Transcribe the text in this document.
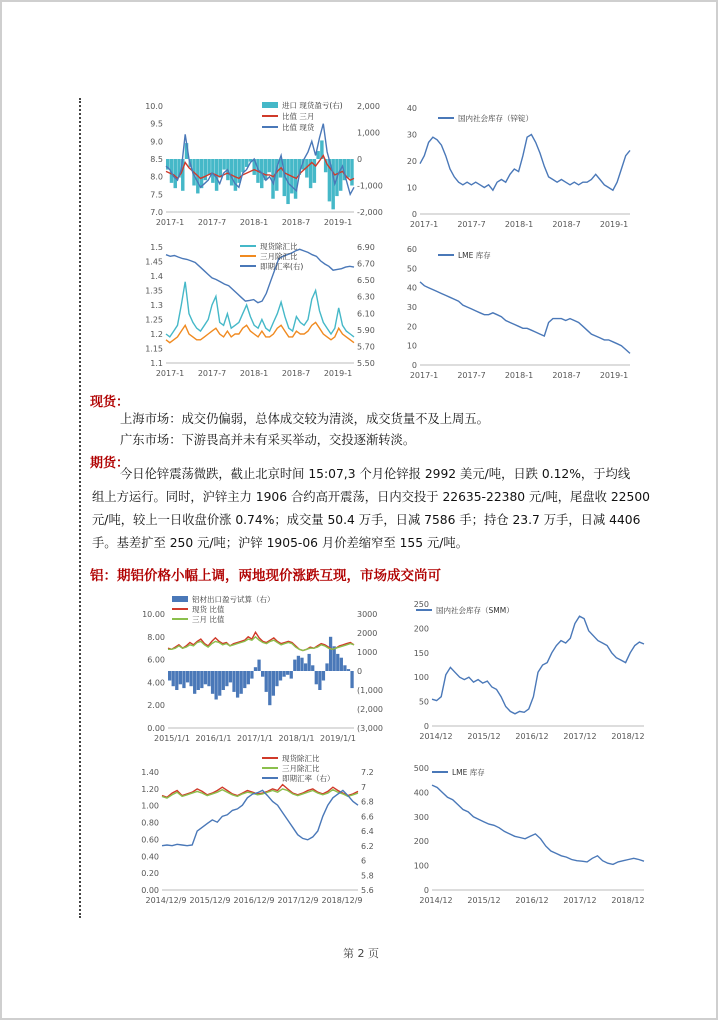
10.0
9.5
9.0
8.5
8.0
7.5
7.0
2,000
1,000
0
-1,000
-2,000
2017-1 2017-7 2018-1 2018-7 2019-1
进口 现货盈亏(右)
比值 三月
比值 现货
40
30
20
10
0
2017-1 2017-7 2018-1 2018-7 2019-1
国内社会库存（锌锭）
1.5
1.45
1.4
1.35
1.3
1.25
1.2
1.15
1.1
6.90
6.70
6.50
6.30
6.10
5.90
5.70
5.50
2017-1 2017-7 2018-1 2018-7 2019-1
现货除汇比
三月除汇比
即期汇率(右)
60
50
40
30
20
10
0
2017-1 2017-7 2018-1 2018-7 2019-1
LME 库存
现货：
上海市场：成交仍偏弱，总体成交较为清淡，成交货量不及上周五。
广东市场：下游畏高并未有采买举动，交投逐渐转淡。
期货：
今日伦锌震荡微跌，截止北京时间 15:07,3 个月伦锌报 2992 美元/吨，日跌 0.12%，于均线
组上方运行。同时，沪锌主力 1906 合约高开震荡，日内交投于 22635-22380 元/吨，尾盘收 22500
元/吨，较上一日收盘价涨 0.74%；成交量 50.4 万手，日减 7586 手；持仓 23.7 万手，日减 4406
手。基差扩至 250 元/吨；沪锌 1905-06 月价差缩窄至 155 元/吨。
铝：期铝价格小幅上调，两地现价涨跌互现，市场成交尚可
10.00
8.00
6.00
4.00
2.00
0.00
3000
2000
1000
0
(1,000
(2,000
(3,000
2015/1/1 2016/1/1 2017/1/1 2018/1/1 2019/1/1
铝材出口盈亏试算（右）
现货 比值
三月 比值
250
200
150
100
50
0
2014/12 2015/12 2016/12 2017/12 2018/12
国内社会库存（SMM）
1.40
1.20
1.00
0.80
0.60
0.40
0.20
0.00
7.2
7
6.8
6.6
6.4
6.2
6
5.8
5.6
2014/12/9 2015/12/9 2016/12/9 2017/12/9 2018/12/9
现货除汇比
三月除汇比
即期汇率（右）
500
400
300
200
100
0
2014/12 2015/12 2016/12 2017/12 2018/12
LME 库存
第 2 页
